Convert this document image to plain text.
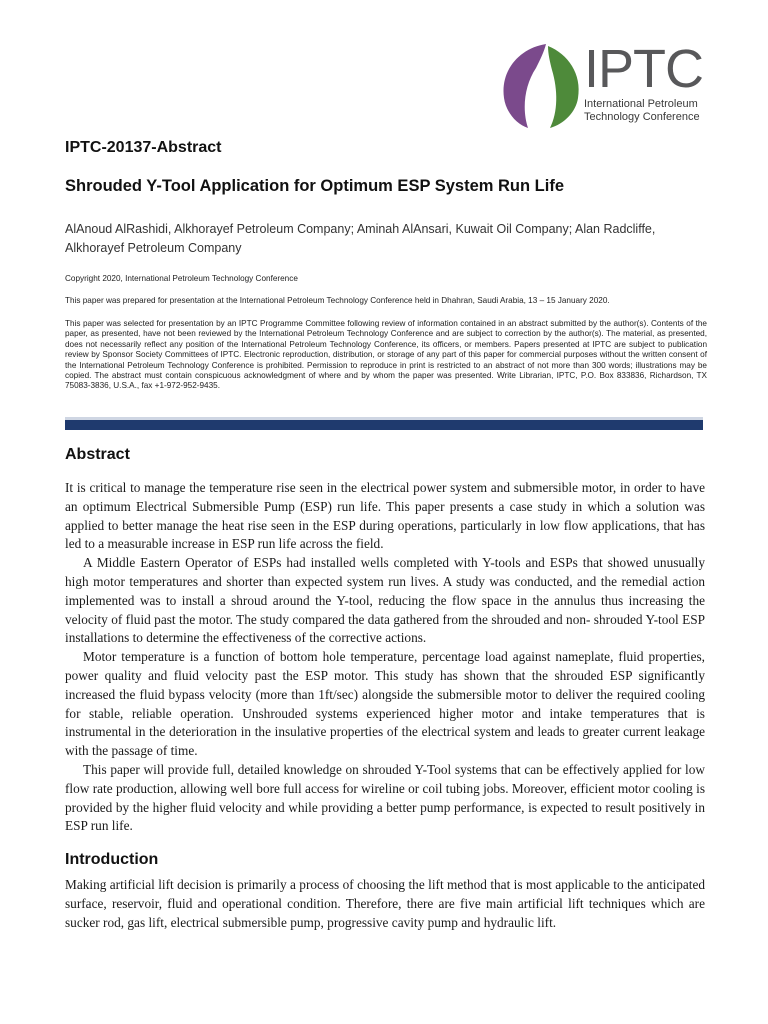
IPTC
International Petroleum
Technology Conference
IPTC-20137-Abstract
Shrouded Y-Tool Application for Optimum ESP System Run Life
AlAnoud AlRashidi, Alkhorayef Petroleum Company; Aminah AlAnsari, Kuwait Oil Company; Alan Radcliffe, Alkhorayef Petroleum Company
Copyright 2020, International Petroleum Technology Conference
This paper was prepared for presentation at the International Petroleum Technology Conference held in Dhahran, Saudi Arabia, 13 – 15 January 2020.
This paper was selected for presentation by an IPTC Programme Committee following review of information contained in an abstract submitted by the author(s). Contents of the paper, as presented, have not been reviewed by the International Petroleum Technology Conference and are subject to correction by the author(s). The material, as presented, does not necessarily reflect any position of the International Petroleum Technology Conference, its officers, or members. Papers presented at IPTC are subject to publication review by Sponsor Society Committees of IPTC. Electronic reproduction, distribution, or storage of any part of this paper for commercial purposes without the written consent of the International Petroleum Technology Conference is prohibited. Permission to reproduce in print is restricted to an abstract of not more than 300 words; illustrations may be copied. The abstract must contain conspicuous acknowledgment of where and by whom the paper was presented. Write Librarian, IPTC, P.O. Box 833836, Richardson, TX 75083-3836, U.S.A., fax +1-972-952-9435.
Abstract

It is critical to manage the temperature rise seen in the electrical power system and submersible motor, in order to have an optimum Electrical Submersible Pump (ESP) run life. This paper presents a case study in which a solution was applied to better manage the heat rise seen in the ESP during operations, particularly in low flow applications, that has led to a measurable increase in ESP run life across the field.

A Middle Eastern Operator of ESPs had installed wells completed with Y-tools and ESPs that showed unusually high motor temperatures and shorter than expected system run lives. A study was conducted, and the remedial action implemented was to install a shroud around the Y-tool, reducing the flow space in the annulus thus increasing the velocity of fluid past the motor. The study compared the data gathered from the shrouded and non- shrouded Y-tool ESP installations to determine the effectiveness of the corrective actions.

Motor temperature is a function of bottom hole temperature, percentage load against nameplate, fluid properties, power quality and fluid velocity past the ESP motor. This study has shown that the shrouded ESP significantly increased the fluid bypass velocity (more than 1ft/sec) alongside the submersible motor to deliver the required cooling for stable, reliable operation. Unshrouded systems experienced higher motor and intake temperatures that is instrumental in the deterioration in the insulative properties of the electrical system and leads to greater current leakage with the passage of time.

This paper will provide full, detailed knowledge on shrouded Y-Tool systems that can be effectively applied for low flow rate production, allowing well bore full access for wireline or coil tubing jobs. Moreover, efficient motor cooling is provided by the higher fluid velocity and while providing a better pump performance, is expected to result positively in ESP run life.

Introduction

Making artificial lift decision is primarily a process of choosing the lift method that is most applicable to the anticipated surface, reservoir, fluid and operational condition. Therefore, there are five main artificial lift techniques which are sucker rod, gas lift, electrical submersible pump, progressive cavity pump and hydraulic lift.
